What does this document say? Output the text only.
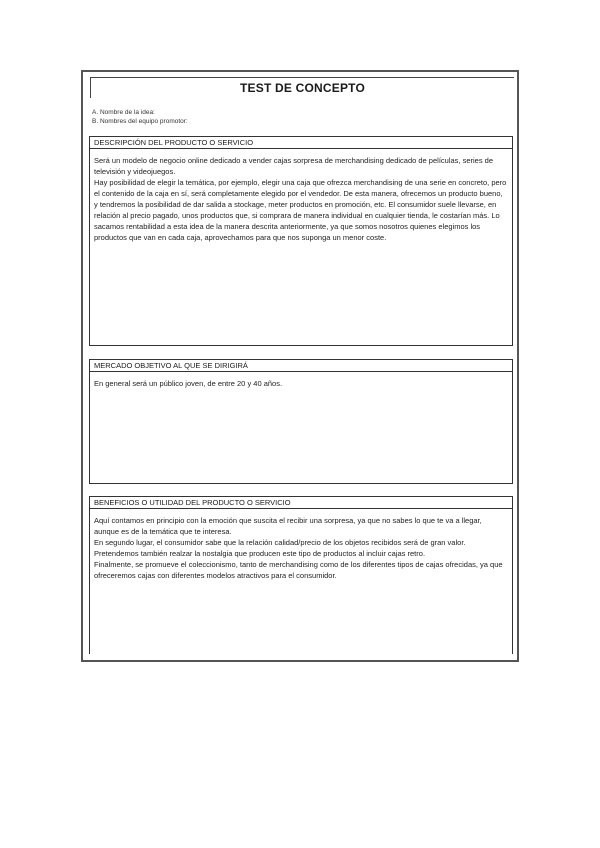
TEST DE CONCEPTO
A. Nombre de la idea:
B. Nombres del equipo promotor:
DESCRIPCIÓN DEL PRODUCTO O SERVICIO

Será un modelo de negocio online dedicado a vender cajas sorpresa de merchandising dedicado de películas, series de televisión y videojuegos.

Hay posibilidad de elegir la temática, por ejemplo, elegir una caja que ofrezca merchandising de una serie en concreto, pero el contenido de la caja en sí, será completamente elegido por el vendedor. De esta manera, ofrecemos un producto bueno, y tendremos la posibilidad de dar salida a stockage, meter productos en promoción, etc. El consumidor suele llevarse, en relación al precio pagado, unos productos que, si comprara de manera individual en cualquier tienda, le costarían más. Lo sacamos rentabilidad a esta idea de la manera descrita anteriormente, ya que somos nosotros quienes elegimos los productos que van en cada caja, aprovechamos para que nos suponga un menor coste.

MERCADO OBJETIVO AL QUE SE DIRIGIRÁ

En general será un público joven, de entre 20 y 40 años.

BENEFICIOS O UTILIDAD DEL PRODUCTO O SERVICIO

Aquí contamos en principio con la emoción que suscita el recibir una sorpresa, ya que no sabes lo que te va a llegar, aunque es de la temática que te interesa.

En segundo lugar, el consumidor sabe que la relación calidad/precio de los objetos recibidos será de gran valor.

Pretendemos también realzar la nostalgia que producen este tipo de productos al incluir cajas retro.

Finalmente, se promueve el coleccionismo, tanto de merchandising como de los diferentes tipos de cajas ofrecidas, ya que ofreceremos cajas con diferentes modelos atractivos para el consumidor.
